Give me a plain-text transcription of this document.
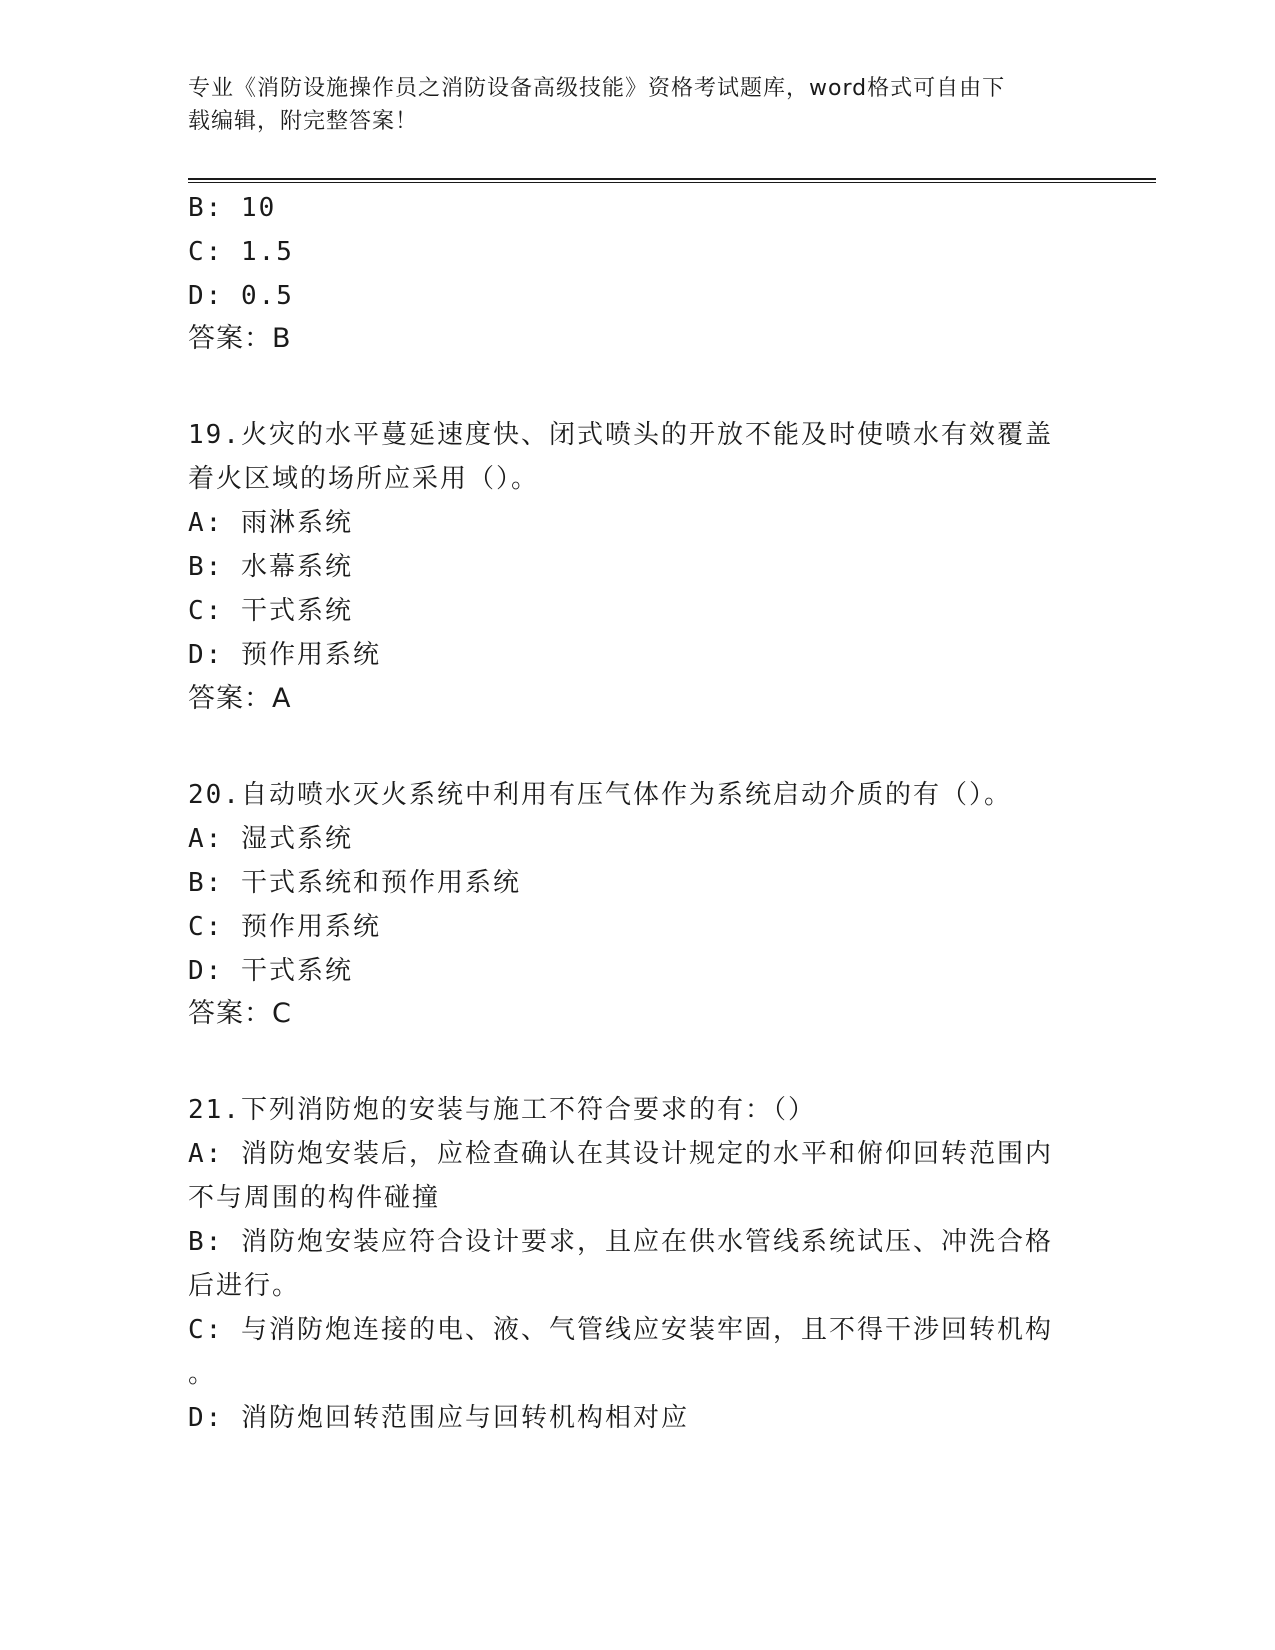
专业《消防设施操作员之消防设备高级技能》资格考试题库，word格式可自由下
载编辑，附完整答案！
B: 10
C: 1.5
D: 0.5
答案：B
19.火灾的水平蔓延速度快、闭式喷头的开放不能及时使喷水有效覆盖
着火区域的场所应采用（）。
A: 雨淋系统
B: 水幕系统
C: 干式系统
D: 预作用系统
答案：A
20.自动喷水灭火系统中利用有压气体作为系统启动介质的有（）。
A: 湿式系统
B: 干式系统和预作用系统
C: 预作用系统
D: 干式系统
答案：C
21.下列消防炮的安装与施工不符合要求的有：（）
A: 消防炮安装后，应检查确认在其设计规定的水平和俯仰回转范围内
不与周围的构件碰撞
B: 消防炮安装应符合设计要求，且应在供水管线系统试压、冲洗合格
后进行。
C: 与消防炮连接的电、液、气管线应安装牢固，且不得干涉回转机构
。
D: 消防炮回转范围应与回转机构相对应
